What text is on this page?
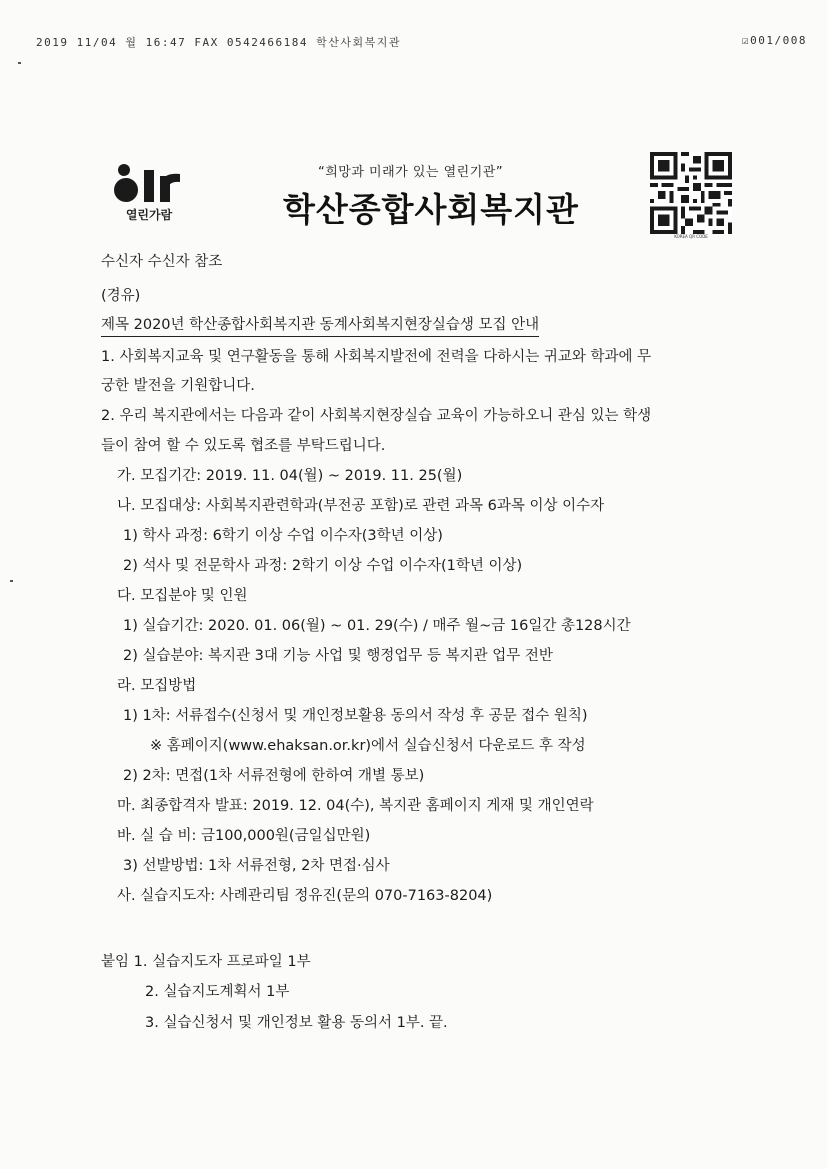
2019 11/04 월 16:47 FAX 0542466184 학산사회복지관	☑001/008
열린가람
“희망과 미래가 있는 열린기관”
학산종합사회복지관
KOREA QR CODE
수신자 수신자 참조
(경유)
제목 2020년 학산종합사회복지관 동계사회복지현장실습생 모집 안내
1. 사회복지교육 및 연구활동을 통해 사회복지발전에 전력을 다하시는 귀교와 학과에 무
궁한 발전을 기원합니다.
2. 우리 복지관에서는 다음과 같이 사회복지현장실습 교육이 가능하오니 관심 있는 학생
들이 참여 할 수 있도록 협조를 부탁드립니다.
가. 모집기간: 2019. 11. 04(월) ~ 2019. 11. 25(월)
나. 모집대상: 사회복지관련학과(부전공 포함)로 관련 과목 6과목 이상 이수자
1) 학사 과정: 6학기 이상 수업 이수자(3학년 이상)
2) 석사 및 전문학사 과정: 2학기 이상 수업 이수자(1학년 이상)
다. 모집분야 및 인원
1) 실습기간: 2020. 01. 06(월) ~ 01. 29(수) / 매주 월~금 16일간 총128시간
2) 실습분야: 복지관 3대 기능 사업 및 행정업무 등 복지관 업무 전반
라. 모집방법
1) 1차: 서류접수(신청서 및 개인정보활용 동의서 작성 후 공문 접수 원칙)
※ 홈페이지(www.ehaksan.or.kr)에서 실습신청서 다운로드 후 작성
2) 2차: 면접(1차 서류전형에 한하여 개별 통보)
마. 최종합격자 발표: 2019. 12. 04(수), 복지관 홈페이지 게재 및 개인연락
바. 실 습 비: 금100,000원(금일십만원)
3) 선발방법: 1차 서류전형, 2차 면접·심사
사. 실습지도자: 사례관리팀 정유진(문의 070-7163-8204)
붙임 1. 실습지도자 프로파일 1부
2. 실습지도계획서 1부
3. 실습신청서 및 개인정보 활용 동의서 1부. 끝.
